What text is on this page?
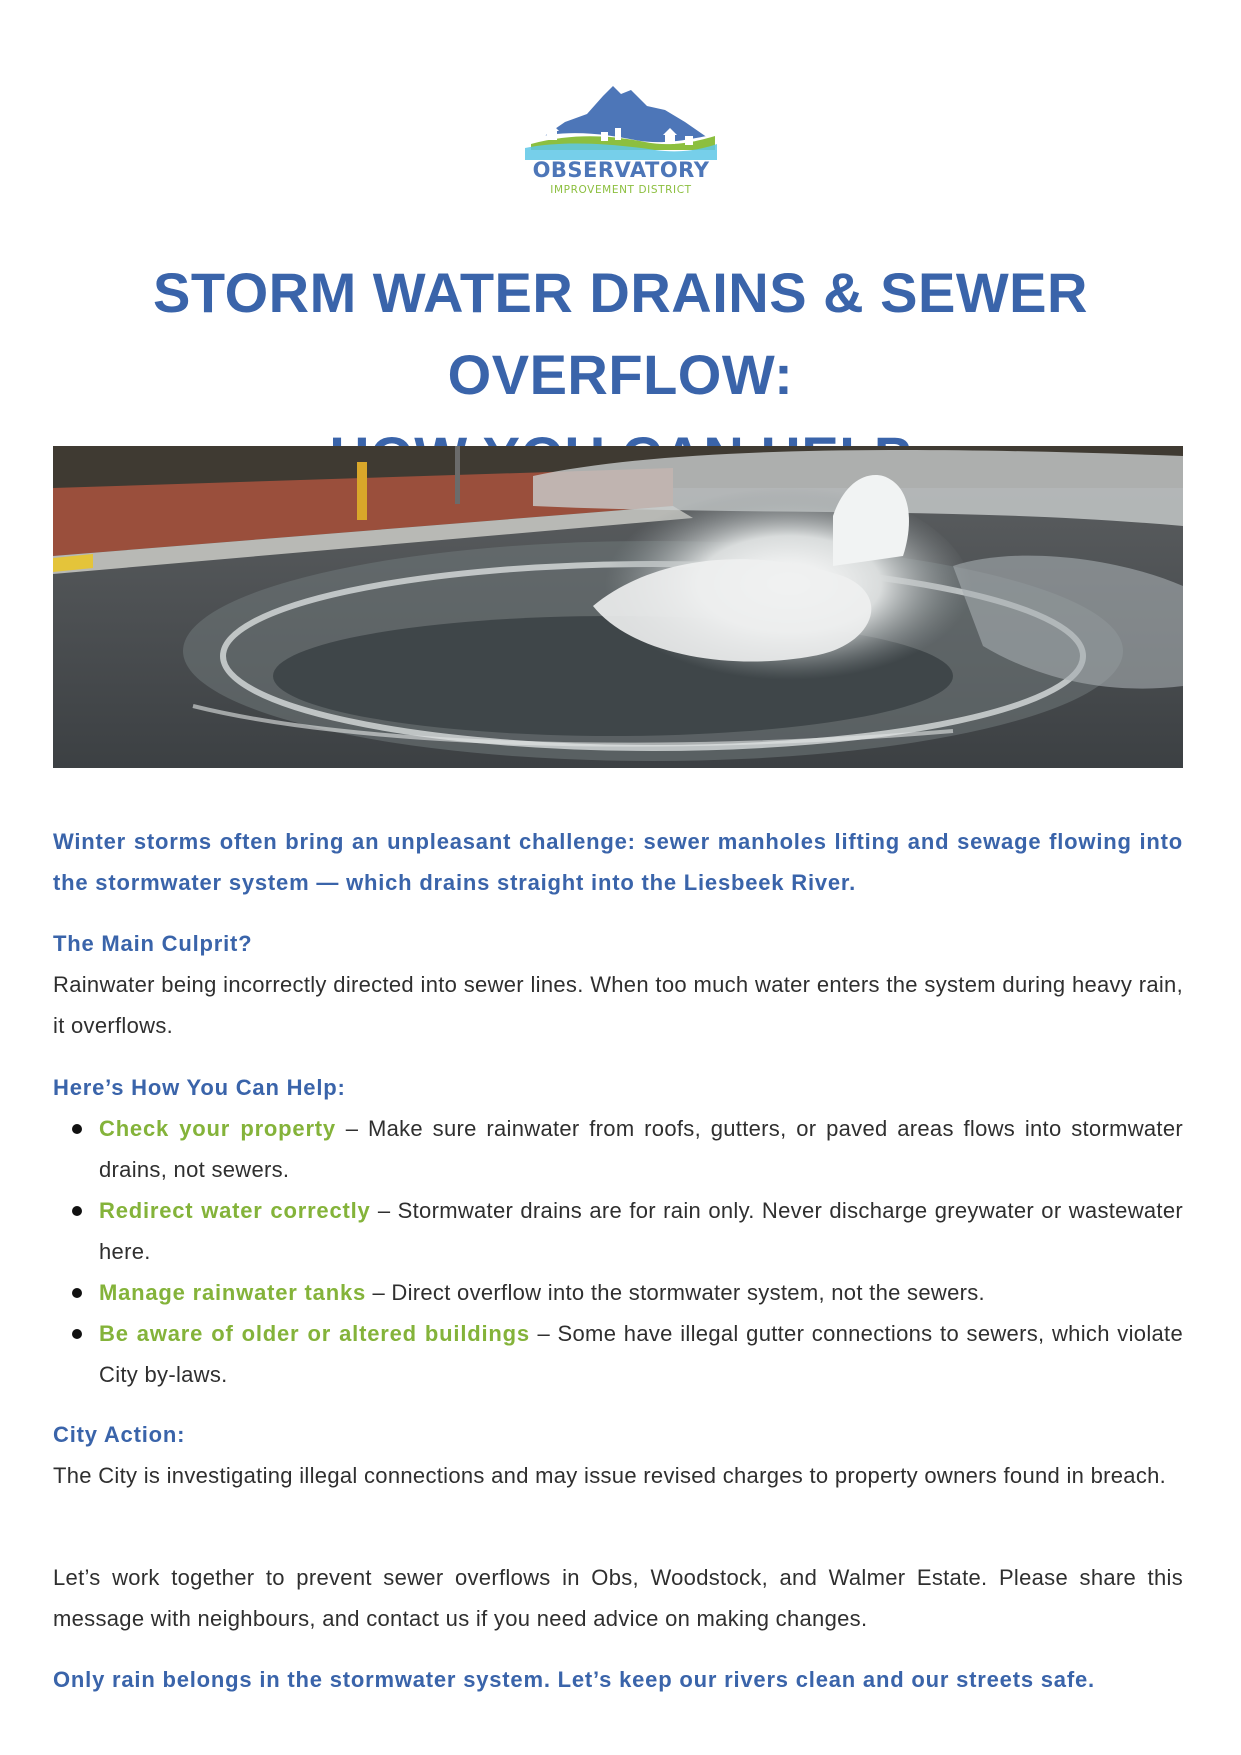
OBSERVATORY
IMPROVEMENT DISTRICT
STORM WATER DRAINS & SEWER OVERFLOW:

Winter storms often bring an unpleasant challenge: sewer manholes lifting and sewage flowing into the stormwater system — which drains straight into the Liesbeek River.

The Main Culprit?

Rainwater being incorrectly directed into sewer lines. When too much water enters the system during heavy rain, it overflows.

Here’s How You Can Help:

Check your property – Make sure rainwater from roofs, gutters, or paved areas flows into stormwater drains, not sewers.
Redirect water correctly – Stormwater drains are for rain only. Never discharge greywater or wastewater here.
Manage rainwater tanks – Direct overflow into the stormwater system, not the sewers.
Be aware of older or altered buildings – Some have illegal gutter connections to sewers, which violate City by-laws.

City Action:

The City is investigating illegal connections and may issue revised charges to property owners found in breach.

Let’s work together to prevent sewer overflows in Obs, Woodstock, and Walmer Estate. Please share this message with neighbours, and contact us if you need advice on making changes.

Only rain belongs in the stormwater system. Let’s keep our rivers clean and our streets safe.
